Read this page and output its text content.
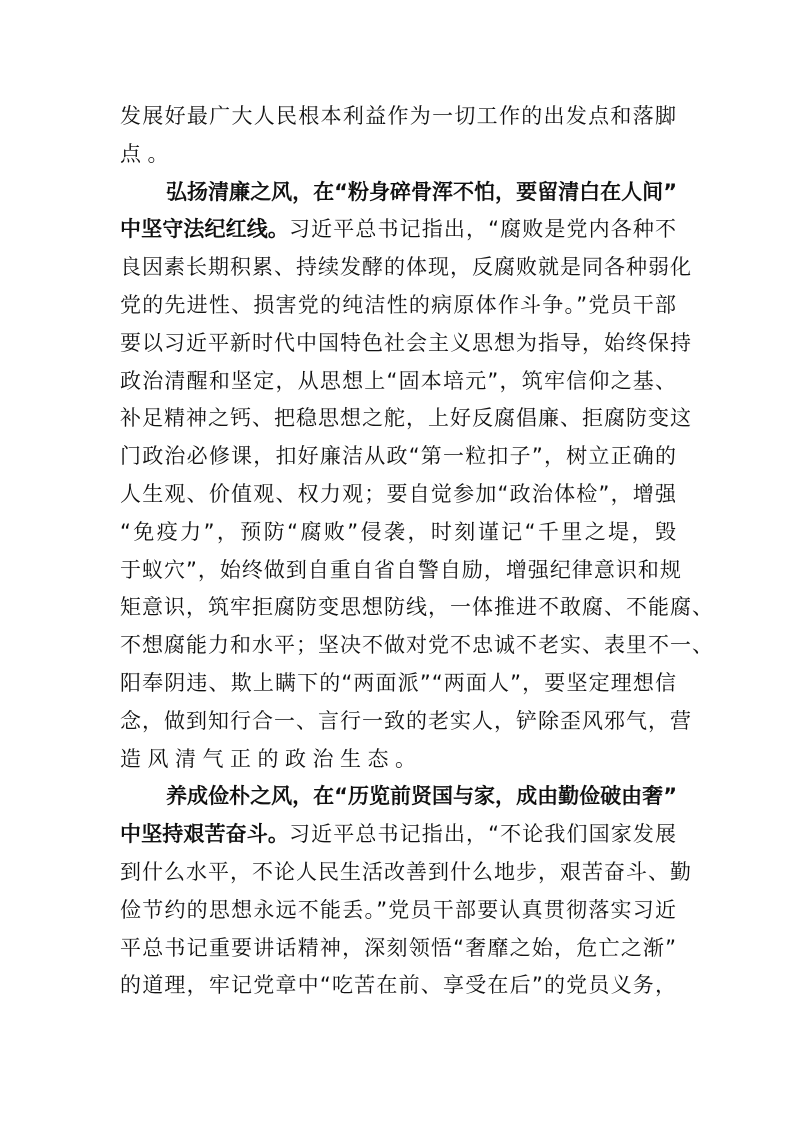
发展好最广大人民根本利益作为一切工作的出发点和落脚
点。
弘扬清廉之风，在“粉身碎骨浑不怕，要留清白在人间”
中坚守法纪红线。习近平总书记指出，“腐败是党内各种不
良因素长期积累、持续发酵的体现，反腐败就是同各种弱化
党的先进性、损害党的纯洁性的病原体作斗争。”党员干部
要以习近平新时代中国特色社会主义思想为指导，始终保持
政治清醒和坚定，从思想上“固本培元”，筑牢信仰之基、
补足精神之钙、把稳思想之舵，上好反腐倡廉、拒腐防变这
门政治必修课，扣好廉洁从政“第一粒扣子”，树立正确的
人生观、价值观、权力观；要自觉参加“政治体检”，增强
“免疫力”，预防“腐败”侵袭，时刻谨记“千里之堤，毁
于蚁穴”，始终做到自重自省自警自励，增强纪律意识和规
矩意识，筑牢拒腐防变思想防线，一体推进不敢腐、不能腐、
不想腐能力和水平；坚决不做对党不忠诚不老实、表里不一、
阳奉阴违、欺上瞒下的“两面派”“两面人”，要坚定理想信
念，做到知行合一、言行一致的老实人，铲除歪风邪气，营
造风清气正的政治生态。
养成俭朴之风，在“历览前贤国与家，成由勤俭破由奢”
中坚持艰苦奋斗。习近平总书记指出，“不论我们国家发展
到什么水平，不论人民生活改善到什么地步，艰苦奋斗、勤
俭节约的思想永远不能丢。”党员干部要认真贯彻落实习近
平总书记重要讲话精神，深刻领悟“奢靡之始，危亡之渐”
的道理，牢记党章中“吃苦在前、享受在后”的党员义务，
